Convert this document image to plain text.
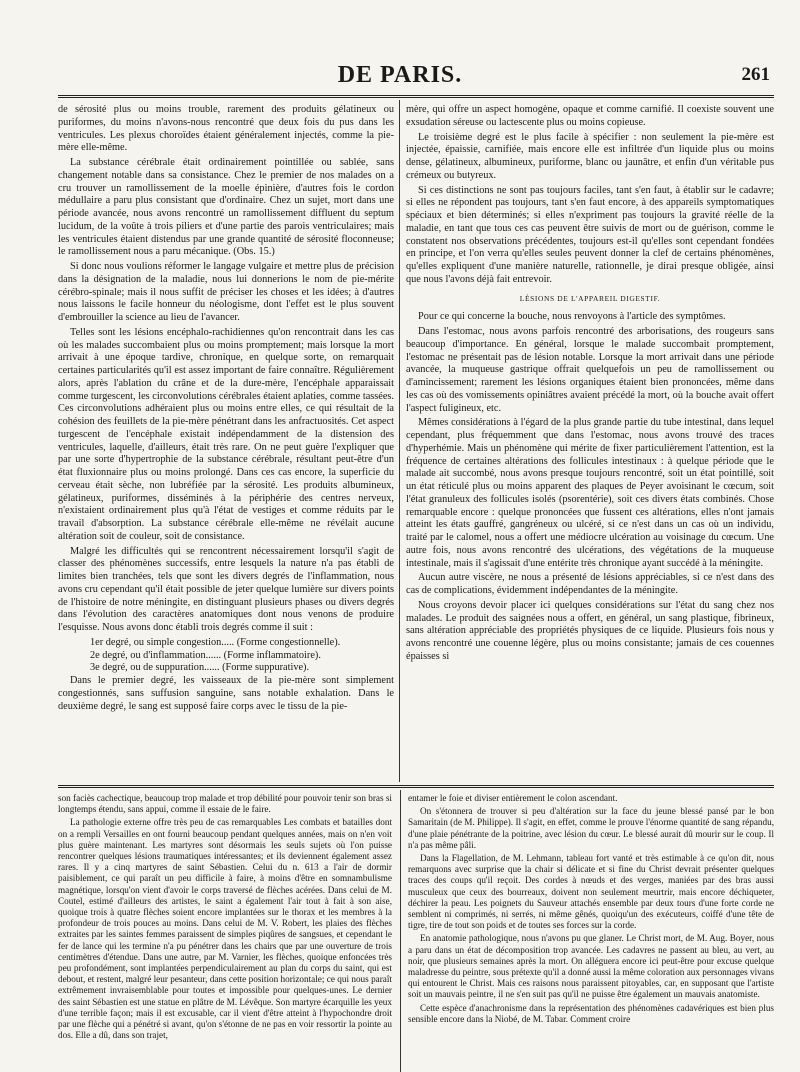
DE PARIS.	261

de sérosité plus ou moins trouble, rarement des produits gélatineux ou puriformes, du moins n'avons-nous rencontré que deux fois du pus dans les ventricules. Les plexus choroïdes étaient généralement injectés, comme la pie-mère elle-même.

La substance cérébrale était ordinairement pointillée ou sablée, sans changement notable dans sa consistance. Chez le premier de nos malades on a cru trouver un ramollissement de la moelle épinière, d'autres fois le cordon médullaire a paru plus consistant que d'ordinaire. Chez un sujet, mort dans une période avancée, nous avons rencontré un ramollissement diffluent du septum lucidum, de la voûte à trois piliers et d'une partie des parois ventriculaires; mais les ventricules étaient distendus par une grande quantité de sérosité floconneuse; le ramollissement nous a paru mécanique. (Obs. 15.)

Si donc nous voulions réformer le langage vulgaire et mettre plus de précision dans la désignation de la maladie, nous lui donnerions le nom de pie-mérite cérébro-spinale; mais il nous suffit de préciser les choses et les idées; à d'autres nous laissons le facile honneur du néologisme, dont l'effet est le plus souvent d'embrouiller la science au lieu de l'avancer.

Telles sont les lésions encéphalo-rachidiennes qu'on rencontrait dans les cas où les malades succombaient plus ou moins promptement; mais lorsque la mort arrivait à une époque tardive, chronique, en quelque sorte, on remarquait certaines particularités qu'il est assez important de faire connaître. Régulièrement alors, après l'ablation du crâne et de la dure-mère, l'encéphale apparaissait comme turgescent, les circonvolutions cérébrales étaient aplaties, comme tassées. Ces circonvolutions adhéraient plus ou moins entre elles, ce qui résultait de la cohésion des feuillets de la pie-mère pénétrant dans les anfractuosités. Cet aspect turgescent de l'encéphale existait indépendamment de la distension des ventricules, laquelle, d'ailleurs, était très rare. On ne peut guère l'expliquer que par une sorte d'hypertrophie de la substance cérébrale, résultant peut-être d'un état fluxionnaire plus ou moins prolongé. Dans ces cas encore, la superficie du cerveau était sèche, non lubréfiée par la sérosité. Les produits albumineux, gélatineux, puriformes, disséminés à la périphérie des centres nerveux, n'existaient ordinairement plus qu'à l'état de vestiges et comme réduits par le travail d'absorption. La substance cérébrale elle-même ne révélait aucune altération soit de couleur, soit de consistance.

Malgré les difficultés qui se rencontrent nécessairement lorsqu'il s'agit de classer des phénomènes successifs, entre lesquels la nature n'a pas établi de limites bien tranchées, tels que sont les divers degrés de l'inflammation, nous avons cru cependant qu'il était possible de jeter quelque lumière sur divers points de l'histoire de notre méningite, en distinguant plusieurs phases ou divers degrés dans l'évolution des caractères anatomiques dont nous venons de produire l'esquisse. Nous avons donc établi trois degrés comme il suit :

1er degré, ou simple congestion..... (Forme congestionnelle).

2e degré, ou d'inflammation...... (Forme inflammatoire).

3e degré, ou de suppuration...... (Forme suppurative).

Dans le premier degré, les vaisseaux de la pie-mère sont simplement congestionnés, sans suffusion sanguine, sans notable exhalation. Dans le deuxième degré, le sang est supposé faire corps avec le tissu de la pie-

mère, qui offre un aspect homogène, opaque et comme carnifié. Il coexiste souvent une exsudation séreuse ou lactescente plus ou moins copieuse.

Le troisième degré est le plus facile à spécifier : non seulement la pie-mère est injectée, épaissie, carnifiée, mais encore elle est infiltrée d'un liquide plus ou moins dense, gélatineux, albumineux, puriforme, blanc ou jaunâtre, et enfin d'un véritable pus crémeux ou butyreux.

Si ces distinctions ne sont pas toujours faciles, tant s'en faut, à établir sur le cadavre; si elles ne répondent pas toujours, tant s'en faut encore, à des appareils symptomatiques spéciaux et bien déterminés; si elles n'expriment pas toujours la gravité réelle de la maladie, en tant que tous ces cas peuvent être suivis de mort ou de guérison, comme le constatent nos observations précédentes, toujours est-il qu'elles sont cependant fondées en principe, et l'on verra qu'elles seules peuvent donner la clef de certains phénomènes, qu'elles expliquent d'une manière naturelle, rationnelle, je dirai presque obligée, ainsi que nous l'avons déjà fait entrevoir.

LÉSIONS DE L'APPAREIL DIGESTIF.

Pour ce qui concerne la bouche, nous renvoyons à l'article des symptômes.

Dans l'estomac, nous avons parfois rencontré des arborisations, des rougeurs sans beaucoup d'importance. En général, lorsque le malade succombait promptement, l'estomac ne présentait pas de lésion notable. Lorsque la mort arrivait dans une période avancée, la muqueuse gastrique offrait quelquefois un peu de ramollissement ou d'amincissement; rarement les lésions organiques étaient bien prononcées, même dans les cas où des vomissements opiniâtres avaient précédé la mort, où la bouche avait offert l'aspect fuligineux, etc.

Mêmes considérations à l'égard de la plus grande partie du tube intestinal, dans lequel cependant, plus fréquemment que dans l'estomac, nous avons trouvé des traces d'hyperhémie. Mais un phénomène qui mérite de fixer particulièrement l'attention, est la fréquence de certaines altérations des follicules intestinaux : à quelque période que le malade ait succombé, nous avons presque toujours rencontré, soit un état pointillé, soit un état réticulé plus ou moins apparent des plaques de Peyer avoisinant le cœcum, soit l'état granuleux des follicules isolés (psorentérie), soit ces divers états combinés. Chose remarquable encore : quelque prononcées que fussent ces altérations, elles n'ont jamais atteint les états gauffré, gangréneux ou ulcéré, si ce n'est dans un cas où un individu, traité par le calomel, nous a offert une médiocre ulcération au voisinage du cœcum. Une autre fois, nous avons rencontré des ulcérations, des végétations de la muqueuse intestinale, mais il s'agissait d'une entérite très chronique ayant succédé à la méningite.

Aucun autre viscère, ne nous a présenté de lésions appréciables, si ce n'est dans des cas de complications, évidemment indépendantes de la méningite.

Nous croyons devoir placer ici quelques considérations sur l'état du sang chez nos malades. Le produit des saignées nous a offert, en général, un sang plastique, fibrineux, sans altération appréciable des propriétés physiques de ce liquide. Plusieurs fois nous y avons rencontré une couenne légère, plus ou moins consistante; jamais de ces couennes épaisses si

son faciès cachectique, beaucoup trop malade et trop débilité pour pouvoir tenir son bras si longtemps étendu, sans appui, comme il essaie de le faire.

La pathologie externe offre très peu de cas remarquables Les combats et batailles dont on a rempli Versailles en ont fourni beaucoup pendant quelques années, mais on n'en voit plus guère maintenant. Les martyres sont désormais les seuls sujets où l'on puisse rencontrer quelques lésions traumatiques intéressantes; et ils deviennent également assez rares. Il y a cinq martyres de saint Sébastien. Celui du n. 613 a l'air de dormir paisiblement, ce qui paraît un peu difficile à faire, à moins d'être en somnambulisme magnétique, lorsqu'on vient d'avoir le corps traversé de flèches acérées. Dans celui de M. Coutel, estimé d'ailleurs des artistes, le saint a également l'air tout à fait à son aise, quoique trois à quatre flèches soient encore implantées sur le thorax et les membres à la profondeur de trois pouces au moins. Dans celui de M. V. Robert, les plaies des flèches extraites par les saintes femmes paraissent de simples piqûres de sangsues, et cependant le fer de lance qui les termine n'a pu pénétrer dans les chairs que par une ouverture de trois centimètres d'étendue. Dans une autre, par M. Varnier, les flèches, quoique enfoncées très peu profondément, sont implantées perpendiculairement au plan du corps du saint, qui est debout, et restent, malgré leur pesanteur, dans cette position horizontale; ce qui nous paraît extrêmement invraisemblable pour toutes et impossible pour quelques-unes. Le dernier des saint Sébastien est une statue en plâtre de M. Lévêque. Son martyre écarquille les yeux d'une terrible façon; mais il est excusable, car il vient d'être atteint à l'hypochondre droit par une flèche qui a pénétré si avant, qu'on s'étonne de ne pas en voir ressortir la pointe au dos. Elle a dû, dans son trajet,

entamer le foie et diviser entièrement le colon ascendant.

On s'étonnera de trouver si peu d'altération sur la face du jeune blessé pansé par le bon Samaritain (de M. Philippe). Il s'agit, en effet, comme le prouve l'énorme quantité de sang répandu, d'une plaie pénétrante de la poitrine, avec lésion du cœur. Le blessé aurait dû mourir sur le coup. Il n'a pas même pâli.

Dans la Flagellation, de M. Lehmann, tableau fort vanté et très estimable à ce qu'on dit, nous remarquons avec surprise que la chair si délicate et si fine du Christ devrait présenter quelques traces des coups qu'il reçoit. Des cordes à nœuds et des verges, maniées par des bras aussi musculeux que ceux des bourreaux, doivent non seulement meurtrir, mais encore déchiqueter, déchirer la peau. Les poignets du Sauveur attachés ensemble par deux tours d'une forte corde ne semblent ni comprimés, ni serrés, ni même gênés, quoiqu'un des exécuteurs, coiffé d'une tête de tigre, tire de tout son poids et de toutes ses forces sur la corde.

En anatomie pathologique, nous n'avons pu que glaner. Le Christ mort, de M. Aug. Boyer, nous a paru dans un état de décomposition trop avancée. Les cadavres ne passent au bleu, au vert, au noir, que plusieurs semaines après la mort. On alléguera encore ici peut-être pour excuse quelque maladresse du peintre, sous prétexte qu'il a donné aussi la même coloration aux personnages vivans qui entourent le Christ. Mais ces raisons nous paraissent pitoyables, car, en supposant que l'artiste soit un mauvais peintre, il ne s'en suit pas qu'il ne puisse être également un mauvais anatomiste.

Cette espèce d'anachronisme dans la représentation des phénomènes cadavériques est bien plus sensible encore dans la Niobé, de M. Tabar. Comment croire
